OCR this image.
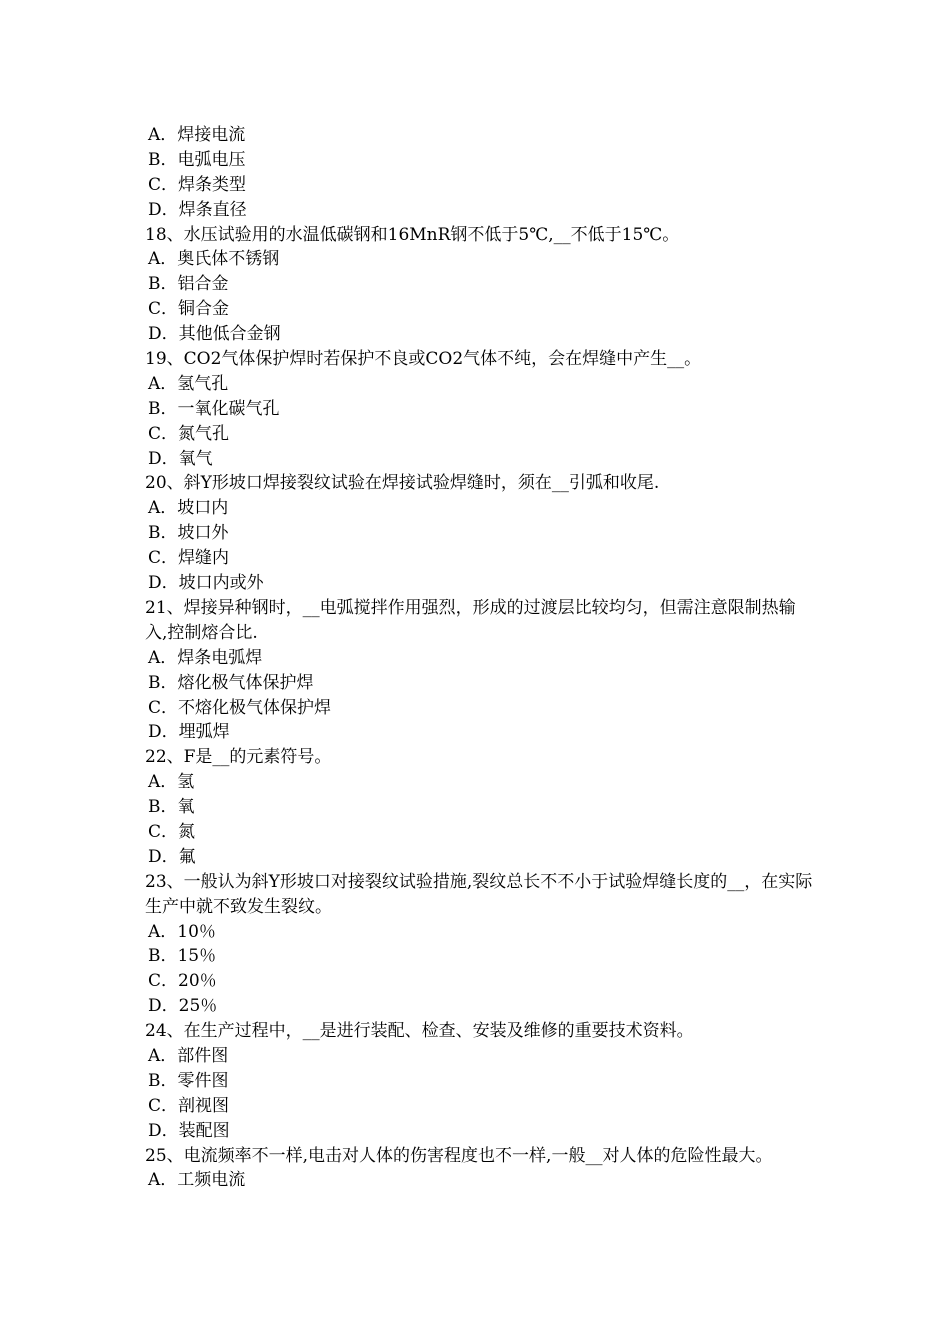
A．焊接电流
B．电弧电压
C．焊条类型
D．焊条直径
18、水压试验用的水温低碳钢和16MnR钢不低于5℃,__不低于15℃。
A．奥氏体不锈钢
B．铝合金
C．铜合金
D．其他低合金钢
19、CO2气体保护焊时若保护不良或CO2气体不纯，会在焊缝中产生__。
A．氢气孔
B．一氧化碳气孔
C．氮气孔
D．氧气
20、斜Y形坡口焊接裂纹试验在焊接试验焊缝时，须在__引弧和收尾.
A．坡口内
B．坡口外
C．焊缝内
D．坡口内或外
21、焊接异种钢时，__电弧搅拌作用强烈，形成的过渡层比较均匀，但需注意限制热输入,控制熔合比.
A．焊条电弧焊
B．熔化极气体保护焊
C．不熔化极气体保护焊
D．埋弧焊
22、F是__的元素符号。
A．氢
B．氧
C．氮
D．氟
23、一般认为斜Y形坡口对接裂纹试验措施,裂纹总长不不小于试验焊缝长度的__，在实际生产中就不致发生裂纹。
A．10％
B．15％
C．20％
D．25％
24、在生产过程中，__是进行装配、检查、安装及维修的重要技术资料。
A．部件图
B．零件图
C．剖视图
D．装配图
25、电流频率不一样,电击对人体的伤害程度也不一样,一般__对人体的危险性最大。
A．工频电流
